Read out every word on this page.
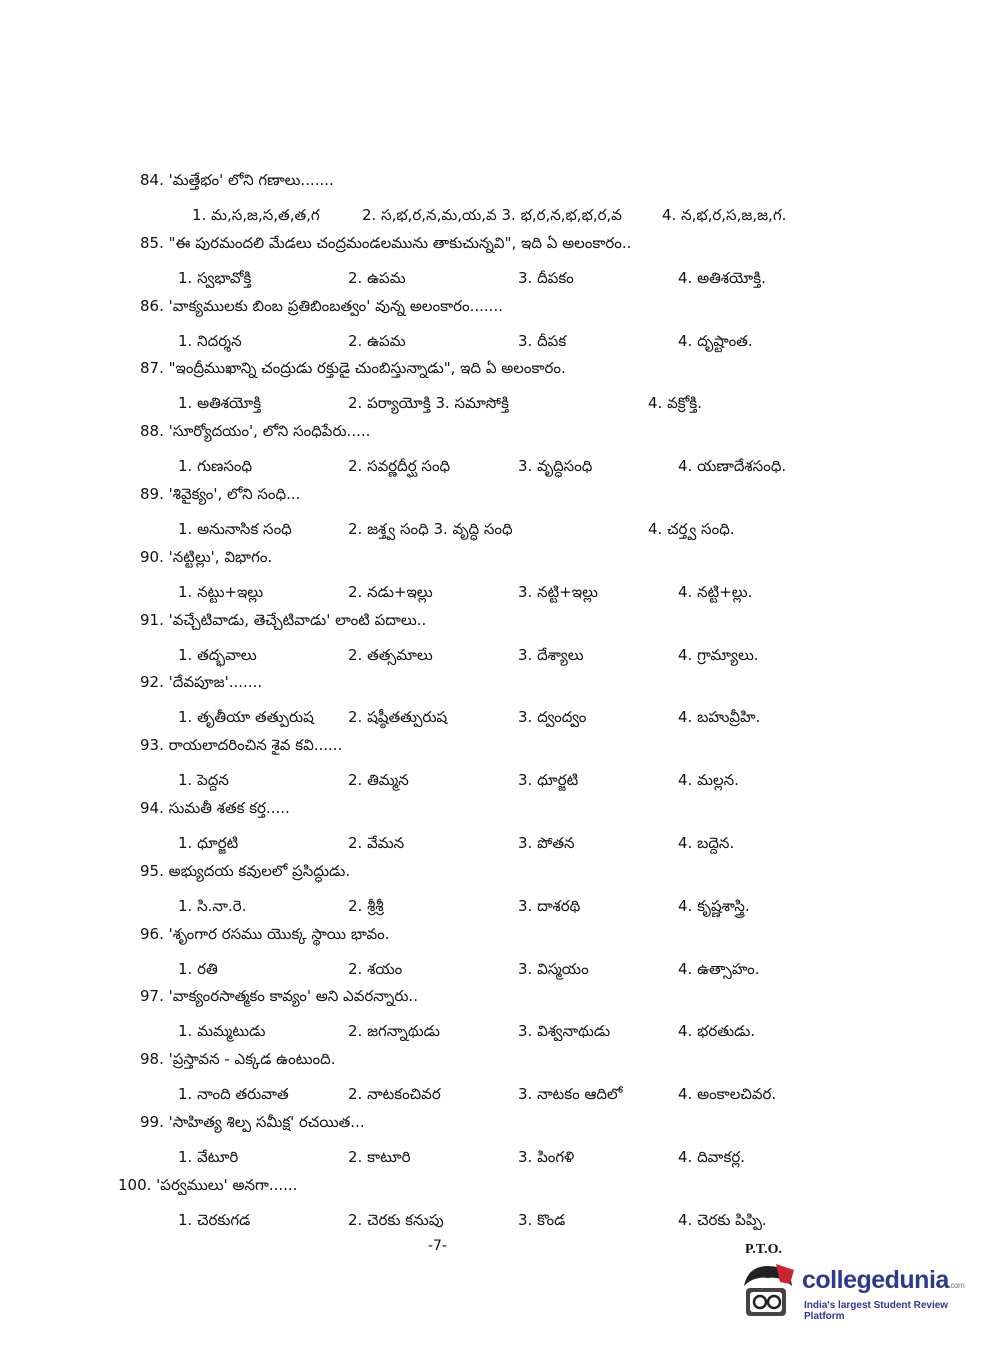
84. 'మత్తేభం' లోని గణాలు.......
1. మ,స,జ,స,త,త,గ	2. స,భ,ర,న,మ,య,వ 3. భ,ర,న,భ,భ,ర,వ	4. న,భ,ర,స,జ,జ,గ.
85. "ఈ పురమందలి మేడలు చంద్రమండలమును తాకుచున్నవి", ఇది ఏ అలంకారం..
1. స్వభావోక్తి	2. ఉపమ	3. దీపకం	4. అతిశయోక్తి.
86. 'వాక్యములకు బింబ ప్రతిబింబత్వం' వున్న అలంకారం.......
1. నిదర్శన	2. ఉపమ	3. దీపక	4. దృష్టాంత.
87. "ఇంద్రీముఖాన్ని చంద్రుడు రక్తుడై చుంబిస్తున్నాడు", ఇది ఏ అలంకారం.
1. అతిశయోక్తి	2. పర్యాయోక్తి 3. సమాసోక్తి	4. వక్రోక్తి.
88. 'సూర్యోదయం', లోని సంధిపేరు.....
1. గుణసంధి	2. సవర్ణదీర్ఘ సంధి	3. వృద్ధిసంధి	4. యణాదేశసంధి.
89. 'శివైక్యం', లోని సంధి...
1. అనునాసిక సంధి	2. జశ్త్వ సంధి 3. వృద్ధి సంధి	4. చర్త్వ సంధి.
90. 'నట్టిల్లు', విభాగం.
1. నట్టు+ఇల్లు	2. నడు+ఇల్లు	3. నట్టి+ఇల్లు	4. నట్టి+ల్లు.
91. 'వచ్చేటివాడు, తెచ్చేటివాడు' లాంటి పదాలు..
1. తద్భవాలు	2. తత్సమాలు	3. దేశ్యాలు	4. గ్రామ్యాలు.
92. 'దేవపూజ'.......
1. తృతీయా తత్పురుష 2. షష్ఠీతత్పురుష	3. ద్వంద్వం	4. బహువ్రీహి.
93. రాయలాదరించిన శైవ కవి......
1. పెద్దన	2. తిమ్మన	3. ధూర్జటి	4. మల్లన.
94. సుమతీ శతక కర్త.....
1. ధూర్జటి	2. వేమన	3. పోతన	4. బద్దెన.
95. అభ్యుదయ కవులలో ప్రసిద్ధుడు.
1. సి.నా.రె.	2. శ్రీశ్రీ	3. దాశరథి	4. కృష్ణశాస్త్రి.
96. 'శృంగార రసము యొక్క స్థాయి భావం.
1. రతి	2. శయం	3. విస్మయం	4. ఉత్సాహం.
97. 'వాక్యంరసాత్మకం కావ్యం' అని ఎవరన్నారు..
1. మమ్మటుడు	2. జగన్నాథుడు	3. విశ్వనాథుడు	4. భరతుడు.
98. 'ప్రస్తావన - ఎక్కడ ఉంటుంది.
1. నాంది తరువాత	2. నాటకంచివర	3. నాటకం ఆదిలో	4. అంకాలచివర.
99. 'సాహిత్య శిల్ప సమీక్ష' రచయిత...
1. వేటూరి	2. కాటూరి	3. పింగళి	4. దివాకర్ల.
100. 'పర్వములు' అనగా......
1. చెరకుగడ	2. చెరకు కనుపు	3. కొండ	4. చెరకు పిప్పి.
-7-	P.T.O.
collegedunia.com
India's largest Student Review Platform
